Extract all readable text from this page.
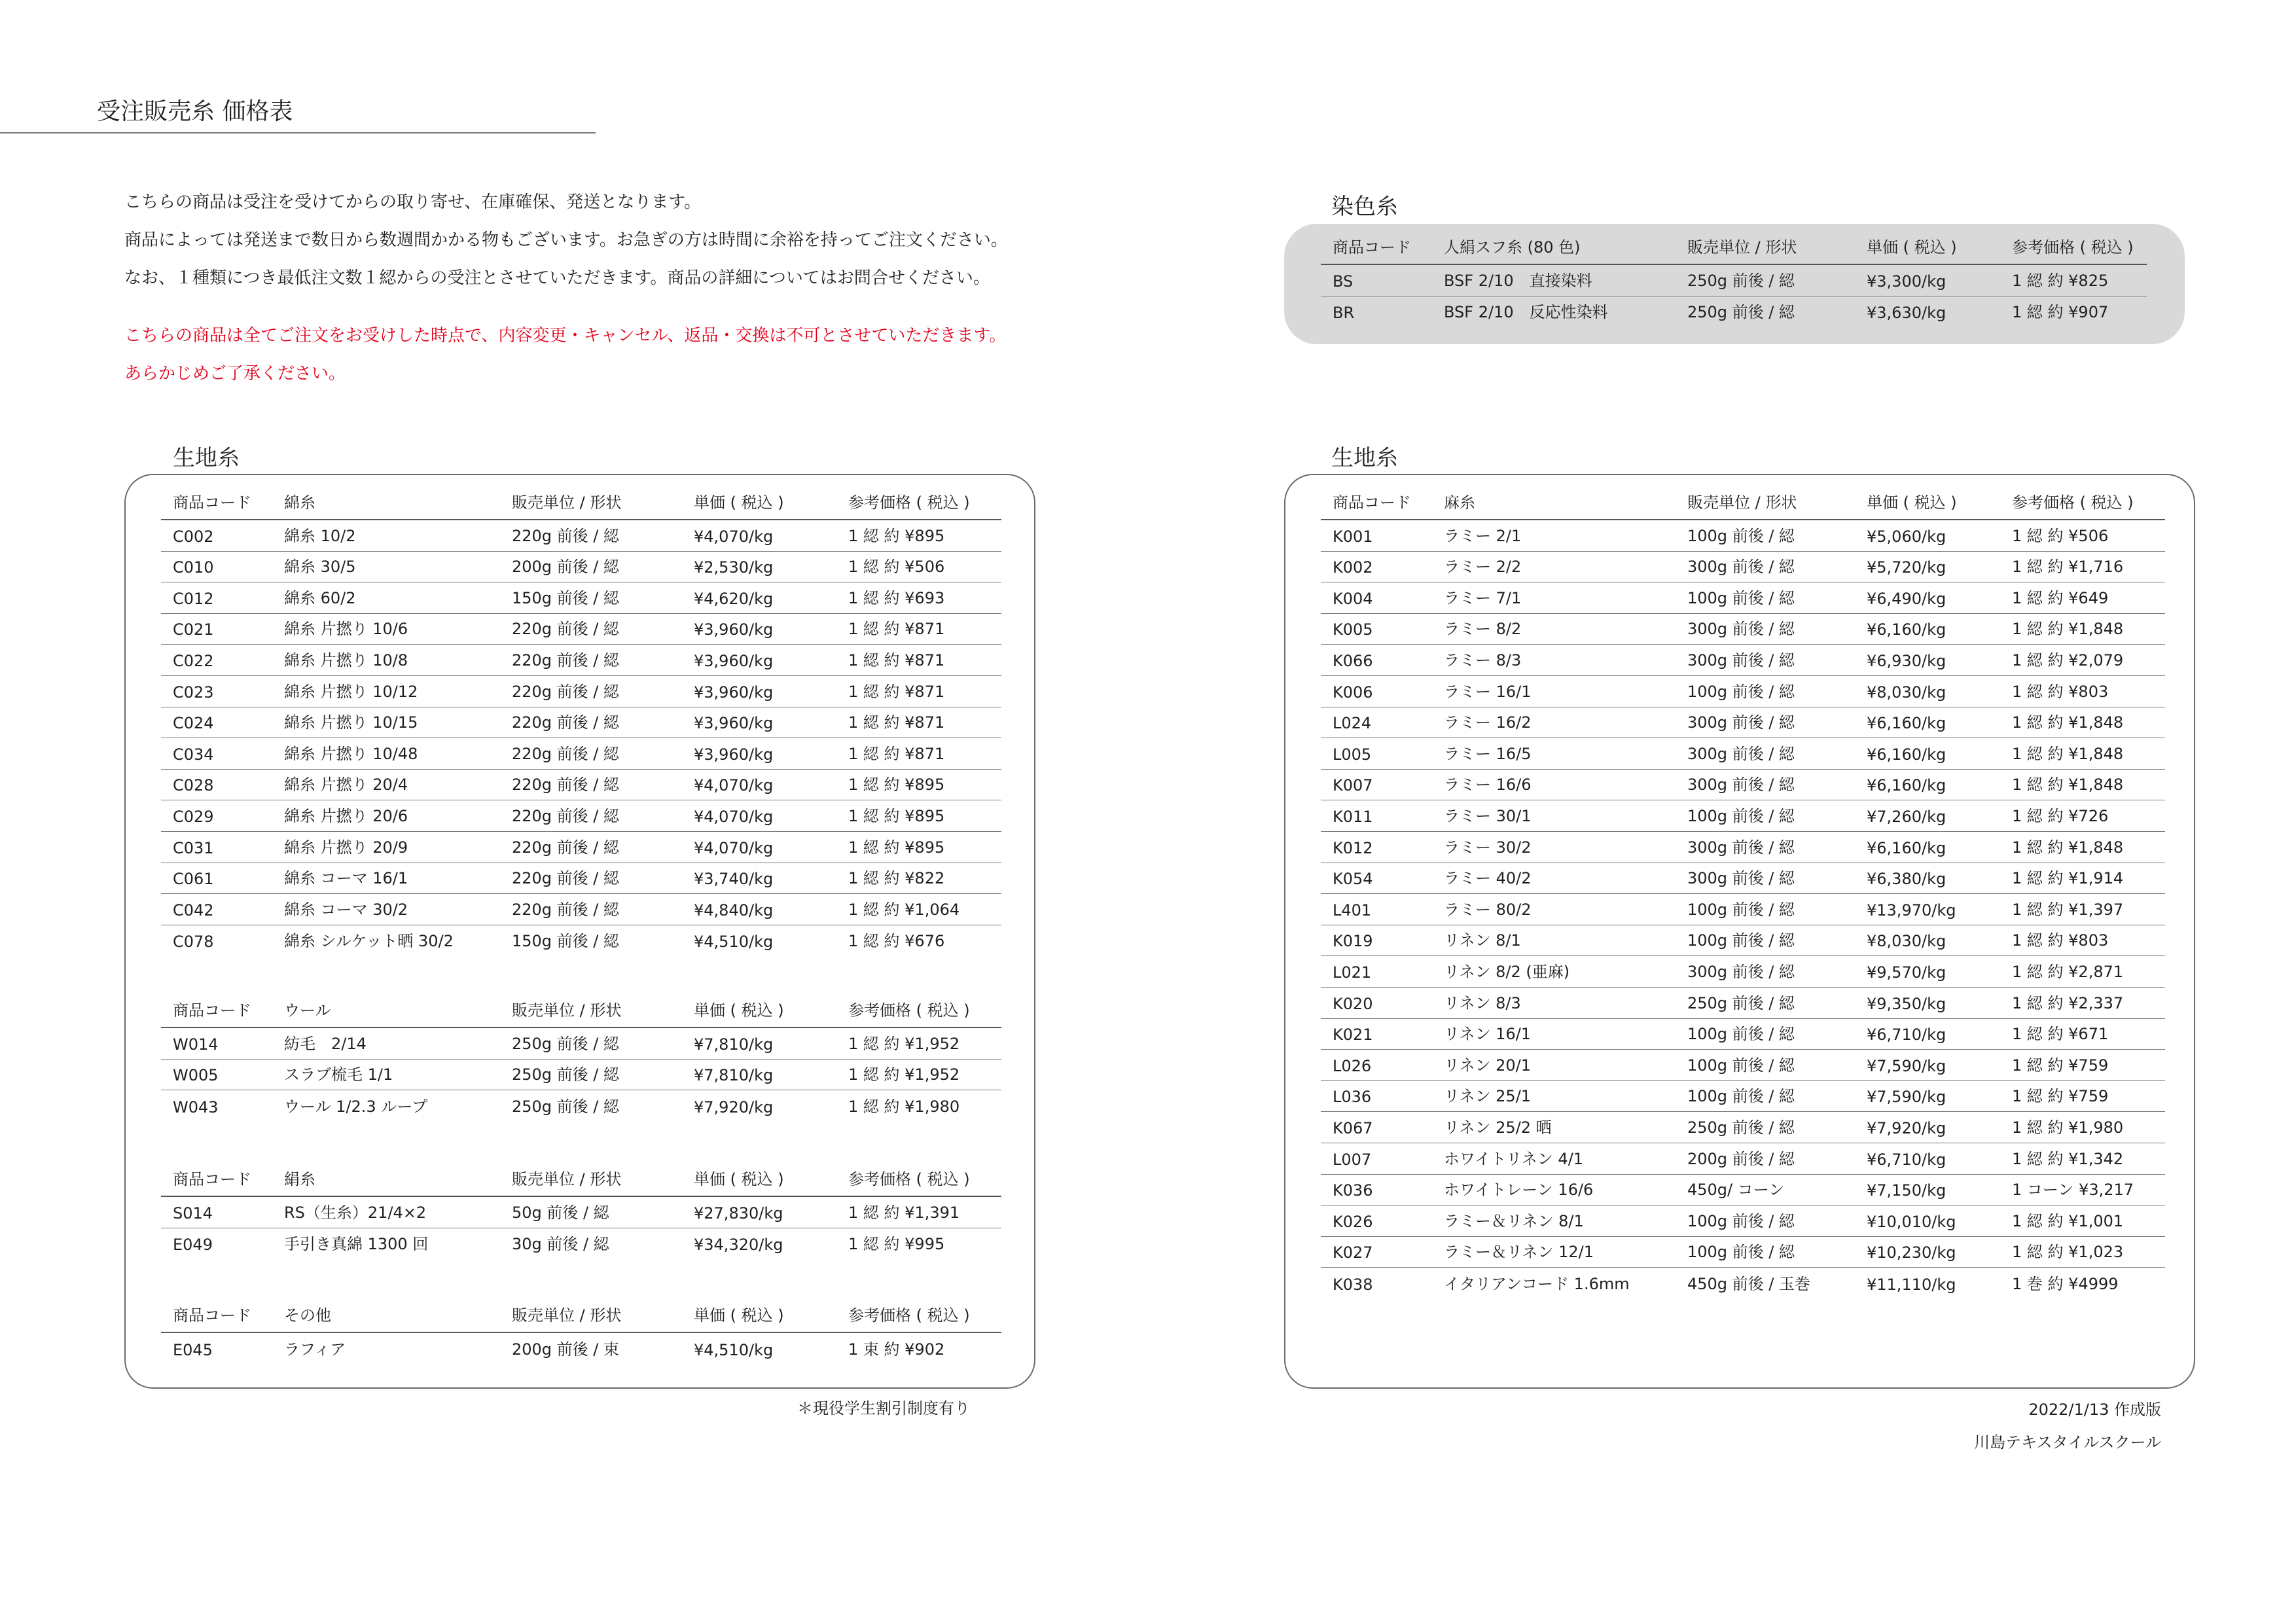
受注販売糸 価格表

こちらの商品は受注を受けてからの取り寄せ、在庫確保、発送となります。

商品によっては発送まで数日から数週間かかる物もございます。お急ぎの方は時間に余裕を持ってご注文ください。

なお、１種類につき最低注文数１綛からの受注とさせていただきます。商品の詳細についてはお問合せください。

こちらの商品は全てご注文をお受けした時点で、内容変更・キャンセル、返品・交換は不可とさせていただきます。

あらかじめご了承ください。

生地糸
商品コード 綿糸	販売単位 / 形状	単価 ( 税込 )	参考価格 ( 税込 )
C002	綿糸 10/2	220g 前後 / 綛	¥4,070/kg	1 綛 約 ¥895
C010	綿糸 30/5	200g 前後 / 綛	¥2,530/kg	1 綛 約 ¥506
C012	綿糸 60/2	150g 前後 / 綛	¥4,620/kg	1 綛 約 ¥693
C021	綿糸 片撚り 10/6	220g 前後 / 綛	¥3,960/kg	1 綛 約 ¥871
C022	綿糸 片撚り 10/8	220g 前後 / 綛	¥3,960/kg	1 綛 約 ¥871
C023	綿糸 片撚り 10/12	220g 前後 / 綛	¥3,960/kg	1 綛 約 ¥871
C024	綿糸 片撚り 10/15	220g 前後 / 綛	¥3,960/kg	1 綛 約 ¥871
C034	綿糸 片撚り 10/48	220g 前後 / 綛	¥3,960/kg	1 綛 約 ¥871
C028	綿糸 片撚り 20/4	220g 前後 / 綛	¥4,070/kg	1 綛 約 ¥895
C029	綿糸 片撚り 20/6	220g 前後 / 綛	¥4,070/kg	1 綛 約 ¥895
C031	綿糸 片撚り 20/9	220g 前後 / 綛	¥4,070/kg	1 綛 約 ¥895
C061	綿糸 コーマ 16/1	220g 前後 / 綛	¥3,740/kg	1 綛 約 ¥822
C042	綿糸 コーマ 30/2	220g 前後 / 綛	¥4,840/kg	1 綛 約 ¥1,064
C078	綿糸 シルケット晒 30/2	150g 前後 / 綛	¥4,510/kg	1 綛 約 ¥676
商品コード ウール	販売単位 / 形状	単価 ( 税込 )	参考価格 ( 税込 )
W014	紡毛　2/14	250g 前後 / 綛	¥7,810/kg	1 綛 約 ¥1,952
W005	スラブ梳毛 1/1	250g 前後 / 綛	¥7,810/kg	1 綛 約 ¥1,952
W043	ウール 1/2.3 ループ	250g 前後 / 綛	¥7,920/kg	1 綛 約 ¥1,980
商品コード 絹糸	販売単位 / 形状	単価 ( 税込 )	参考価格 ( 税込 )
S014	RS（生糸）21/4×2	50g 前後 / 綛	¥27,830/kg	1 綛 約 ¥1,391
E049	手引き真綿 1300 回	30g 前後 / 綛	¥34,320/kg	1 綛 約 ¥995
商品コード その他	販売単位 / 形状	単価 ( 税込 )	参考価格 ( 税込 )
E045	ラフィア	200g 前後 / 束	¥4,510/kg	1 束 約 ¥902
＊現役学生割引制度有り
染色糸
商品コード 人絹スフ糸 (80 色)	販売単位 / 形状	単価 ( 税込 )	参考価格 ( 税込 )
BS	BSF 2/10　直接染料	250g 前後 / 綛	¥3,300/kg	1 綛 約 ¥825
BR	BSF 2/10　反応性染料	250g 前後 / 綛	¥3,630/kg	1 綛 約 ¥907
生地糸
商品コード 麻糸	販売単位 / 形状	単価 ( 税込 )	参考価格 ( 税込 )
K001	ラミー 2/1	100g 前後 / 綛	¥5,060/kg	1 綛 約 ¥506
K002	ラミー 2/2	300g 前後 / 綛	¥5,720/kg	1 綛 約 ¥1,716
K004	ラミー 7/1	100g 前後 / 綛	¥6,490/kg	1 綛 約 ¥649
K005	ラミー 8/2	300g 前後 / 綛	¥6,160/kg	1 綛 約 ¥1,848
K066	ラミー 8/3	300g 前後 / 綛	¥6,930/kg	1 綛 約 ¥2,079
K006	ラミー 16/1	100g 前後 / 綛	¥8,030/kg	1 綛 約 ¥803
L024	ラミー 16/2	300g 前後 / 綛	¥6,160/kg	1 綛 約 ¥1,848
L005	ラミー 16/5	300g 前後 / 綛	¥6,160/kg	1 綛 約 ¥1,848
K007	ラミー 16/6	300g 前後 / 綛	¥6,160/kg	1 綛 約 ¥1,848
K011	ラミー 30/1	100g 前後 / 綛	¥7,260/kg	1 綛 約 ¥726
K012	ラミー 30/2	300g 前後 / 綛	¥6,160/kg	1 綛 約 ¥1,848
K054	ラミー 40/2	300g 前後 / 綛	¥6,380/kg	1 綛 約 ¥1,914
L401	ラミー 80/2	100g 前後 / 綛	¥13,970/kg	1 綛 約 ¥1,397
K019	リネン 8/1	100g 前後 / 綛	¥8,030/kg	1 綛 約 ¥803
L021	リネン 8/2 (亜麻)	300g 前後 / 綛	¥9,570/kg	1 綛 約 ¥2,871
K020	リネン 8/3	250g 前後 / 綛	¥9,350/kg	1 綛 約 ¥2,337
K021	リネン 16/1	100g 前後 / 綛	¥6,710/kg	1 綛 約 ¥671
L026	リネン 20/1	100g 前後 / 綛	¥7,590/kg	1 綛 約 ¥759
L036	リネン 25/1	100g 前後 / 綛	¥7,590/kg	1 綛 約 ¥759
K067	リネン 25/2 晒	250g 前後 / 綛	¥7,920/kg	1 綛 約 ¥1,980
L007	ホワイトリネン 4/1	200g 前後 / 綛	¥6,710/kg	1 綛 約 ¥1,342
K036	ホワイトレーン 16/6	450g/ コーン	¥7,150/kg	1 コーン ¥3,217
K026	ラミー＆リネン 8/1	100g 前後 / 綛	¥10,010/kg	1 綛 約 ¥1,001
K027	ラミー＆リネン 12/1	100g 前後 / 綛	¥10,230/kg	1 綛 約 ¥1,023
K038	イタリアンコード 1.6mm	450g 前後 / 玉巻	¥11,110/kg	1 巻 約 ¥4999
2022/1/13 作成版
川島テキスタイルスクール
